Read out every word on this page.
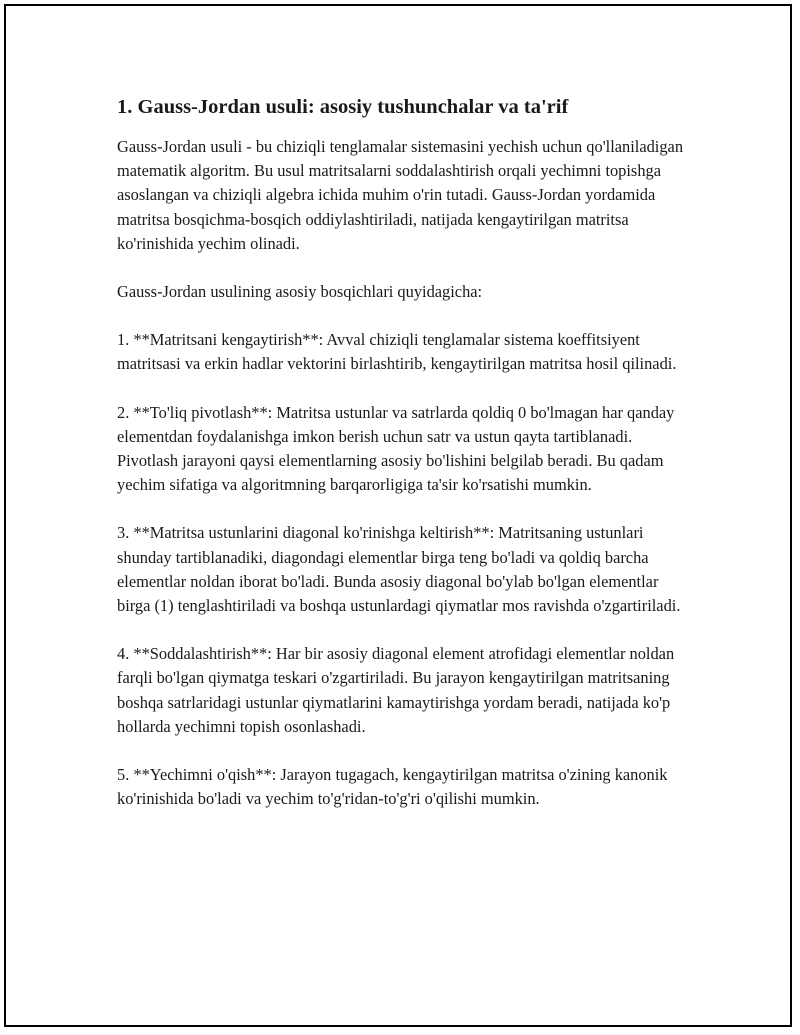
1. Gauss-Jordan usuli: asosiy tushunchalar va ta'rif

Gauss-Jordan usuli - bu chiziqli tenglamalar sistemasini yechish uchun qo'llaniladigan matematik algoritm. Bu usul matritsalarni soddalashtirish orqali yechimni topishga asoslangan va chiziqli algebra ichida muhim o'rin tutadi. Gauss-Jordan yordamida matritsa bosqichma-bosqich oddiylashtiriladi, natijada kengaytirilgan matritsa ko'rinishida yechim olinadi.

Gauss-Jordan usulining asosiy bosqichlari quyidagicha:

1. **Matritsani kengaytirish**: Avval chiziqli tenglamalar sistema koeffitsiyent matritsasi va erkin hadlar vektorini birlashtirib, kengaytirilgan matritsa hosil qilinadi.

2. **To'liq pivotlash**: Matritsa ustunlar va satrlarda qoldiq 0 bo'lmagan har qanday elementdan foydalanishga imkon berish uchun satr va ustun qayta tartiblanadi. Pivotlash jarayoni qaysi elementlarning asosiy bo'lishini belgilab beradi. Bu qadam yechim sifatiga va algoritmning barqarorligiga ta'sir ko'rsatishi mumkin.

3. **Matritsa ustunlarini diagonal ko'rinishga keltirish**: Matritsaning ustunlari shunday tartiblanadiki, diagondagi elementlar birga teng bo'ladi va qoldiq barcha elementlar noldan iborat bo'ladi. Bunda asosiy diagonal bo'ylab bo'lgan elementlar birga (1) tenglashtiriladi va boshqa ustunlardagi qiymatlar mos ravishda o'zgartiriladi.

4. **Soddalashtirish**: Har bir asosiy diagonal element atrofidagi elementlar noldan farqli bo'lgan qiymatga teskari o'zgartiriladi. Bu jarayon kengaytirilgan matritsaning boshqa satrlaridagi ustunlar qiymatlarini kamaytirishga yordam beradi, natijada ko'p hollarda yechimni topish osonlashadi.

5. **Yechimni o'qish**: Jarayon tugagach, kengaytirilgan matritsa o'zining kanonik ko'rinishida bo'ladi va yechim to'g'ridan-to'g'ri o'qilishi mumkin.
